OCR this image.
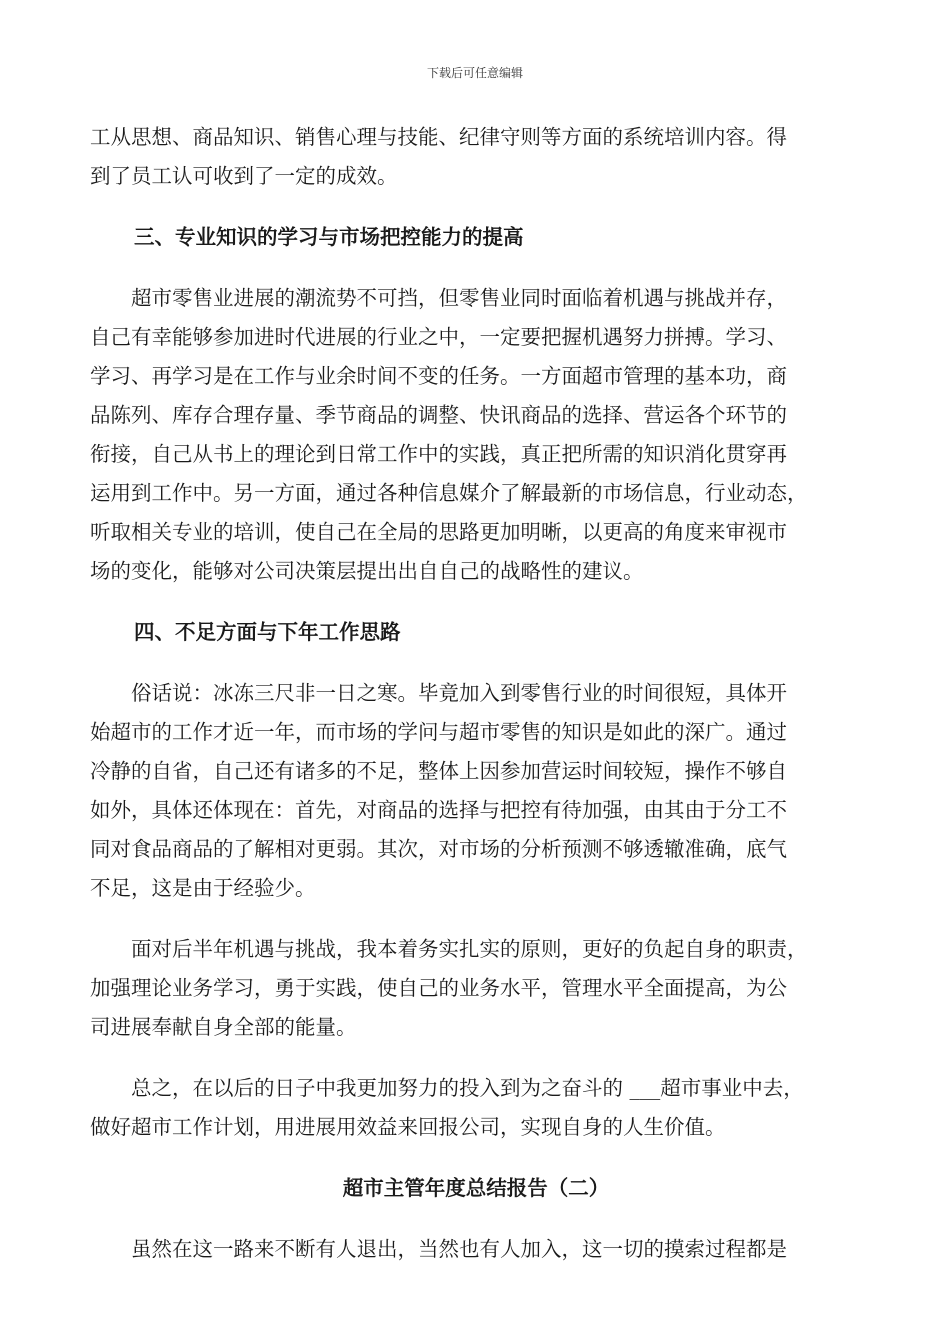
下载后可任意编辑

工从思想、商品知识、销售心理与技能、纪律守则等方面的系统培训内容。得
到了员工认可收到了一定的成效。

三、专业知识的学习与市场把控能力的提高

　　超市零售业进展的潮流势不可挡，但零售业同时面临着机遇与挑战并存，
自己有幸能够参加进时代进展的行业之中，一定要把握机遇努力拼搏。学习、
学习、再学习是在工作与业余时间不变的任务。一方面超市管理的基本功，商
品陈列、库存合理存量、季节商品的调整、快讯商品的选择、营运各个环节的
衔接，自己从书上的理论到日常工作中的实践，真正把所需的知识消化贯穿再
运用到工作中。另一方面，通过各种信息媒介了解最新的市场信息，行业动态，
听取相关专业的培训，使自己在全局的思路更加明晰，以更高的角度来审视市
场的变化，能够对公司决策层提出出自自己的战略性的建议。

四、不足方面与下年工作思路

　　俗话说：冰冻三尺非一日之寒。毕竟加入到零售行业的时间很短，具体开
始超市的工作才近一年，而市场的学问与超市零售的知识是如此的深广。通过
冷静的自省，自己还有诸多的不足，整体上因参加营运时间较短，操作不够自
如外，具体还体现在：首先，对商品的选择与把控有待加强，由其由于分工不
同对食品商品的了解相对更弱。其次，对市场的分析预测不够透辙准确，底气
不足，这是由于经验少。

　　面对后半年机遇与挑战，我本着务实扎实的原则，更好的负起自身的职责，
加强理论业务学习，勇于实践，使自己的业务水平，管理水平全面提高，为公
司进展奉献自身全部的能量。

　　总之，在以后的日子中我更加努力的投入到为之奋斗的 ___超市事业中去，
做好超市工作计划，用进展用效益来回报公司，实现自身的人生价值。

超市主管年度总结报告（二）

　　虽然在这一路来不断有人退出，当然也有人加入，这一切的摸索过程都是
